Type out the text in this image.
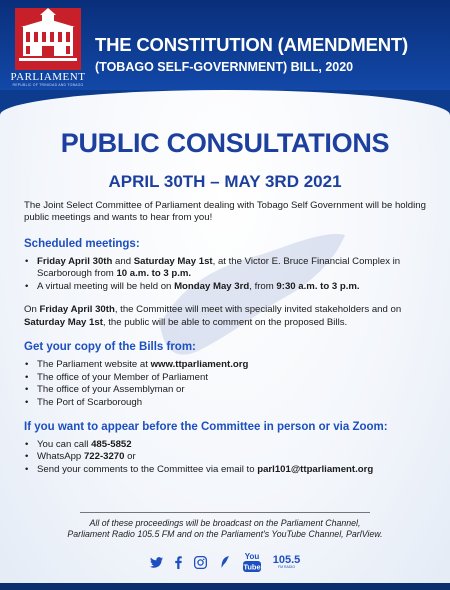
PARLIAMENT
REPUBLIC OF TRINIDAD AND TOBAGO
THE CONSTITUTION (AMENDMENT)
(TOBAGO SELF-GOVERNMENT) BILL, 2020
PUBLIC CONSULTATIONS
APRIL 30TH – MAY 3RD 2021

The Joint Select Committee of Parliament dealing with Tobago Self Government will be holding public meetings and wants to hear from you!

Scheduled meetings:

• Friday April 30th and Saturday May 1st, at the Victor E. Bruce Financial Complex in Scarborough from 10 a.m. to 3 p.m.
• A virtual meeting will be held on Monday May 3rd, from 9:30 a.m. to 3 p.m.

On Friday April 30th, the Committee will meet with specially invited stakeholders and on Saturday May 1st, the public will be able to comment on the proposed Bills.

Get your copy of the Bills from:

• The Parliament website at www.ttparliament.org
• The office of your Member of Parliament
• The office of your Assemblyman or
• The Port of Scarborough

If you want to appear before the Committee in person or via Zoom:

• You can call 485-5852
• WhatsApp 722-3270 or
• Send your comments to the Committee via email to parl101@ttparliament.org
All of these proceedings will be broadcast on the Parliament Channel,
Parliament Radio 105.5 FM and on the Parliament's YouTube Channel, ParlView.
You
Tube
105.5
FM RADIO
